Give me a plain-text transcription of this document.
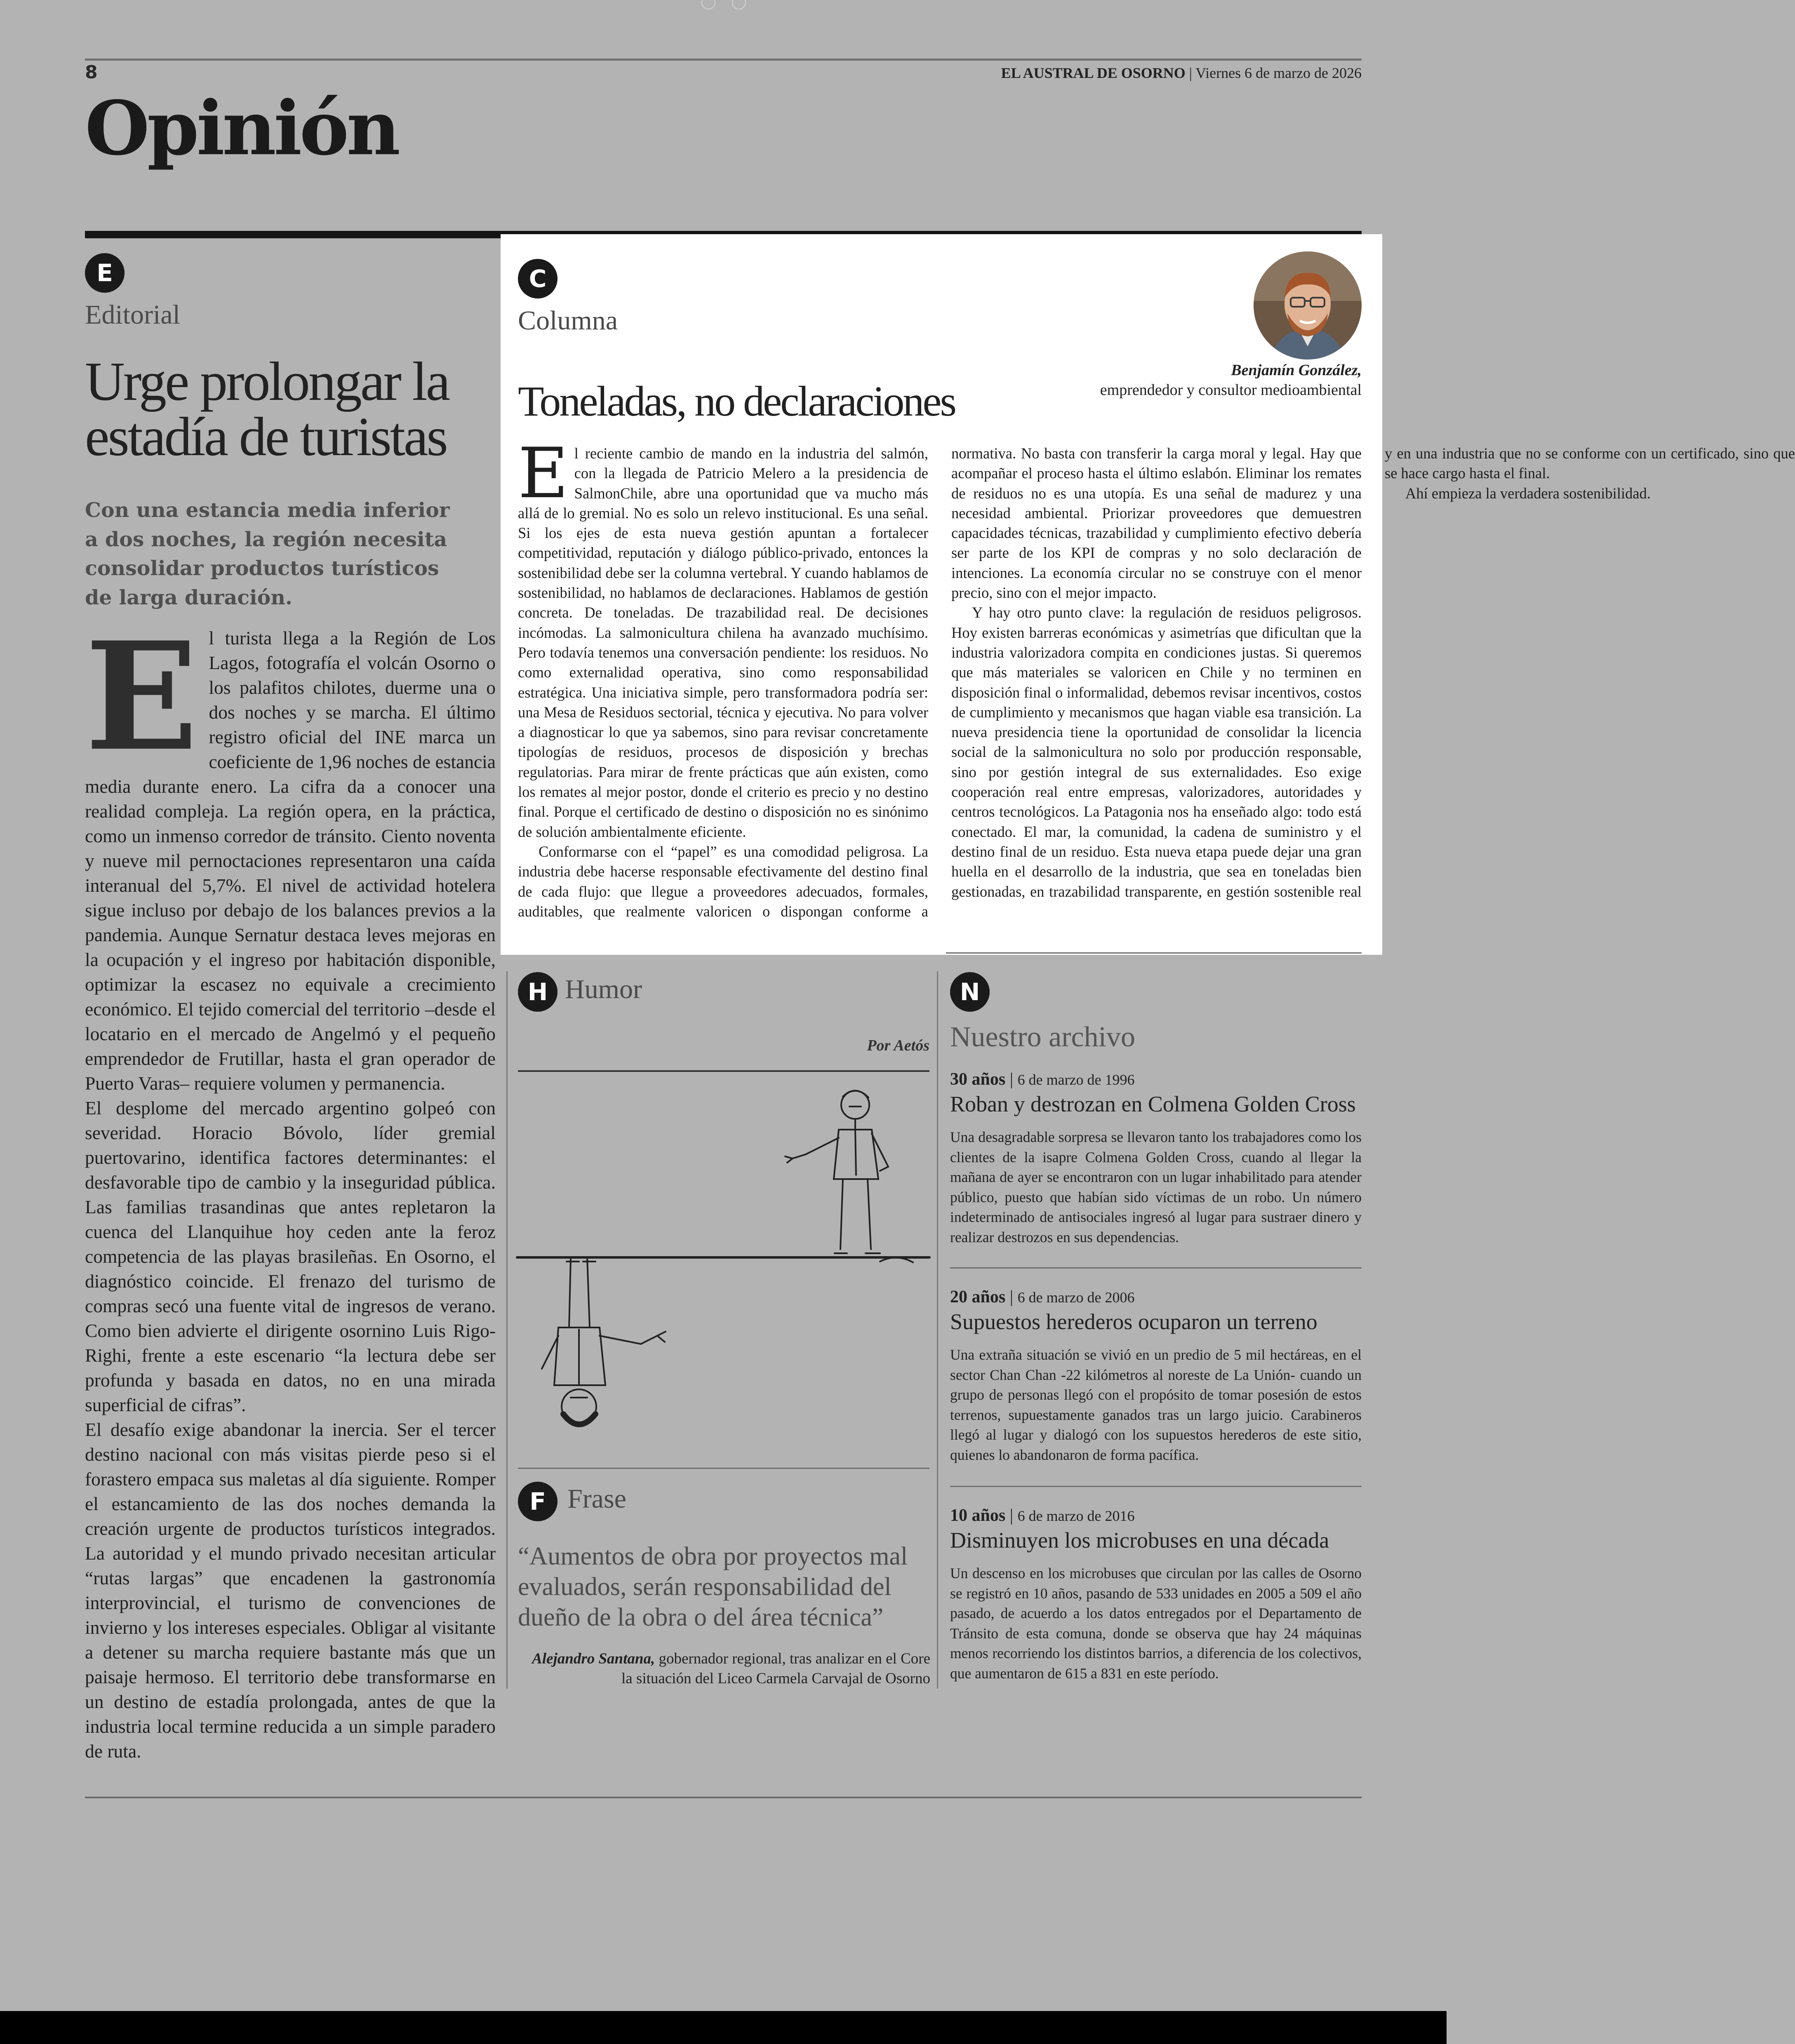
8	EL AUSTRAL DE OSORNO | Viernes 6 de marzo de 2026
Opinión
E
Editorial
Urge prolongar la estadía de turistas
Con una estancia media inferior a dos noches, la región necesita consolidar productos turísticos de larga duración.

El turista llega a la Región de Los Lagos, fotografía el volcán Osorno o los palafitos chilotes, duerme una o dos noches y se marcha. El último registro oficial del INE marca un coeficiente de 1,96 noches de estancia media durante enero. La cifra da a conocer una realidad compleja. La región opera, en la práctica, como un inmenso corredor de tránsito. Ciento noventa y nueve mil pernoctaciones representaron una caída interanual del 5,7%. El nivel de actividad hotelera sigue incluso por debajo de los balances previos a la pandemia. Aunque Sernatur destaca leves mejoras en la ocupación y el ingreso por habitación disponible, optimizar la escasez no equivale a crecimiento económico. El tejido comercial del territorio –desde el locatario en el mercado de Angelmó y el pequeño emprendedor de Frutillar, hasta el gran operador de Puerto Varas– requiere volumen y permanencia.

El desplome del mercado argentino golpeó con severidad. Horacio Bóvolo, líder gremial puertovarino, identifica factores determinantes: el desfavorable tipo de cambio y la inseguridad pública. Las familias trasandinas que antes repletaron la cuenca del Llanquihue hoy ceden ante la feroz competencia de las playas brasileñas. En Osorno, el diagnóstico coincide. El frenazo del turismo de compras secó una fuente vital de ingresos de verano. Como bien advierte el dirigente osornino Luis Rigo-Righi, frente a este escenario “la lectura debe ser profunda y basada en datos, no en una mirada superficial de cifras”.

El desafío exige abandonar la inercia. Ser el tercer destino nacional con más visitas pierde peso si el forastero empaca sus maletas al día siguiente. Romper el estancamiento de las dos noches demanda la creación urgente de productos turísticos integrados. La autoridad y el mundo privado necesitan articular “rutas largas” que encadenen la gastronomía interprovincial, el turismo de convenciones de invierno y los intereses especiales. Obligar al visitante a detener su marcha requiere bastante más que un paisaje hermoso. El territorio debe transformarse en un destino de estadía prolongada, antes de que la industria local termine reducida a un simple paradero de ruta.

C
Columna
Benjamín González,
emprendedor y consultor medioambiental
Toneladas, no declaraciones

El reciente cambio de mando en la industria del salmón, con la llegada de Patricio Melero a la presidencia de SalmonChile, abre una oportunidad que va mucho más allá de lo gremial. No es solo un relevo institucional. Es una señal. Si los ejes de esta nueva gestión apuntan a fortalecer competitividad, reputación y diálogo público-privado, entonces la sostenibilidad debe ser la columna vertebral. Y cuando hablamos de sostenibilidad, no hablamos de declaraciones. Hablamos de gestión concreta. De toneladas. De trazabilidad real. De decisiones incómodas. La salmonicultura chilena ha avanzado muchísimo. Pero todavía tenemos una conversación pendiente: los residuos. No como externalidad operativa, sino como responsabilidad estratégica. Una iniciativa simple, pero transformadora podría ser: una Mesa de Residuos sectorial, técnica y ejecutiva. No para volver a diagnosticar lo que ya sabemos, sino para revisar concretamente tipologías de residuos, procesos de disposición y brechas regulatorias. Para mirar de frente prácticas que aún existen, como los remates al mejor postor, donde el criterio es precio y no destino final. Porque el certificado de destino o disposición no es sinónimo de solución ambientalmente eficiente.

Conformarse con el “papel” es una comodidad peligrosa. La industria debe hacerse responsable efectivamente del destino final de cada flujo: que llegue a proveedores adecuados, formales, auditables, que realmente valoricen o dispongan conforme a normativa. No basta con transferir la carga moral y legal. Hay que acompañar el proceso hasta el último eslabón. Eliminar los remates de residuos no es una utopía. Es una señal de madurez y una necesidad ambiental. Priorizar proveedores que demuestren capacidades técnicas, trazabilidad y cumplimiento efectivo debería ser parte de los KPI de compras y no solo declaración de intenciones. La economía circular no se construye con el menor precio, sino con el mejor impacto.

Y hay otro punto clave: la regulación de residuos peligrosos. Hoy existen barreras económicas y asimetrías que dificultan que la industria valorizadora compita en condiciones justas. Si queremos que más materiales se valoricen en Chile y no terminen en disposición final o informalidad, debemos revisar incentivos, costos de cumplimiento y mecanismos que hagan viable esa transición. La nueva presidencia tiene la oportunidad de consolidar la licencia social de la salmonicultura no solo por producción responsable, sino por gestión integral de sus externalidades. Eso exige cooperación real entre empresas, valorizadores, autoridades y centros tecnológicos. La Patagonia nos ha enseñado algo: todo está conectado. El mar, la comunidad, la cadena de suministro y el destino final de un residuo. Esta nueva etapa puede dejar una gran huella en el desarrollo de la industria, que sea en toneladas bien gestionadas, en trazabilidad transparente, en gestión sostenible real y en una industria que no se conforme con un certificado, sino que se hace cargo hasta el final.

Ahí empieza la verdadera sostenibilidad.

H Humor
Por Aetós
F Frase
“Aumentos de obra por proyectos mal evaluados, serán responsabilidad del dueño de la obra o del área técnica”
Alejandro Santana, gobernador regional, tras analizar en el Core la situación del Liceo Carmela Carvajal de Osorno
N
Nuestro archivo
30 años | 6 de marzo de 1996
Roban y destrozan en Colmena Golden Cross
Una desagradable sorpresa se llevaron tanto los trabajadores como los clientes de la isapre Colmena Golden Cross, cuando al llegar la mañana de ayer se encontraron con un lugar inhabilitado para atender público, puesto que habían sido víctimas de un robo. Un número indeterminado de antisociales ingresó al lugar para sustraer dinero y realizar destrozos en sus dependencias.
20 años | 6 de marzo de 2006
Supuestos herederos ocuparon un terreno
Una extraña situación se vivió en un predio de 5 mil hectáreas, en el sector Chan Chan -22 kilómetros al noreste de La Unión- cuando un grupo de personas llegó con el propósito de tomar posesión de estos terrenos, supuestamente ganados tras un largo juicio. Carabineros llegó al lugar y dialogó con los supuestos herederos de este sitio, quienes lo abandonaron de forma pacífica.
10 años | 6 de marzo de 2016
Disminuyen los microbuses en una década
Un descenso en los microbuses que circulan por las calles de Osorno se registró en 10 años, pasando de 533 unidades en 2005 a 509 el año pasado, de acuerdo a los datos entregados por el Departamento de Tránsito de esta comuna, donde se observa que hay 24 máquinas menos recorriendo los distintos barrios, a diferencia de los colectivos, que aumentaron de 615 a 831 en este período.
